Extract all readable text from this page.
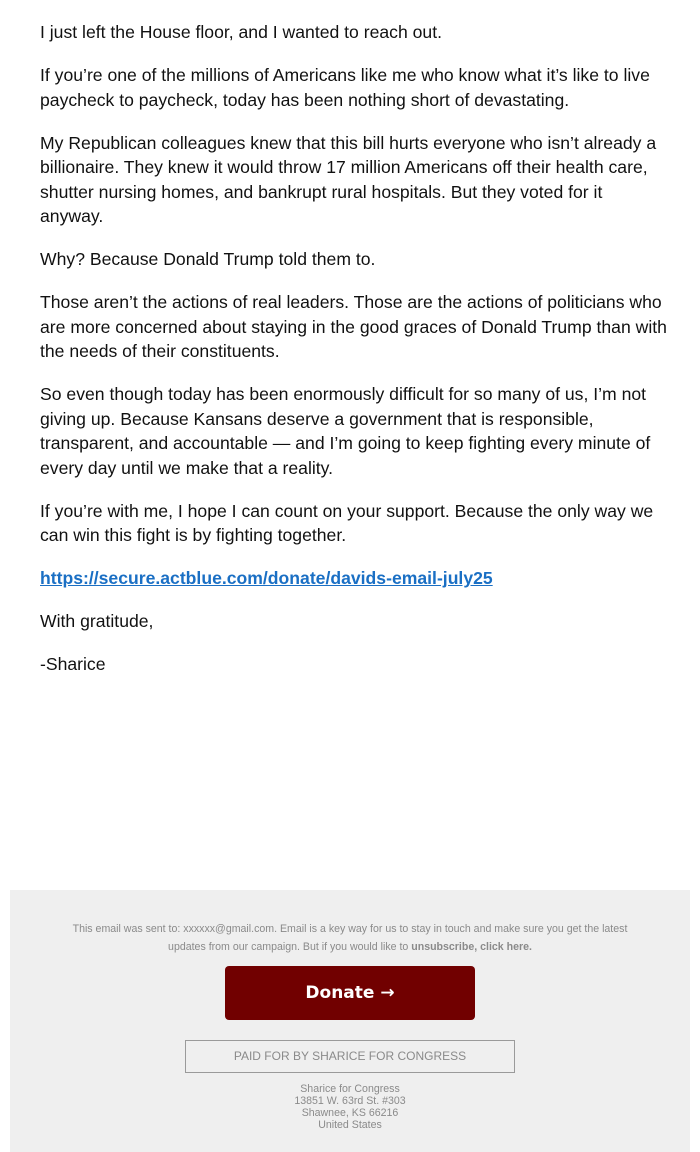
I just left the House floor, and I wanted to reach out.

If you’re one of the millions of Americans like me who know what it’s like to live paycheck to paycheck, today has been nothing short of devastating.

My Republican colleagues knew that this bill hurts everyone who isn’t already a billionaire. They knew it would throw 17 million Americans off their health care, shutter nursing homes, and bankrupt rural hospitals. But they voted for it anyway.

Why? Because Donald Trump told them to.

Those aren’t the actions of real leaders. Those are the actions of politicians who are more concerned about staying in the good graces of Donald Trump than with the needs of their constituents.

So even though today has been enormously difficult for so many of us, I’m not giving up. Because Kansans deserve a government that is responsible, transparent, and accountable — and I’m going to keep fighting every minute of every day until we make that a reality.

If you’re with me, I hope I can count on your support. Because the only way we can win this fight is by fighting together.

https://secure.actblue.com/donate/davids-email-july25

With gratitude,

-Sharice

This email was sent to: xxxxxx@gmail.com. Email is a key way for us to stay in touch and make sure you get the latest updates from our campaign. But if you would like to unsubscribe, click here.
Donate →
PAID FOR BY SHARICE FOR CONGRESS
Sharice for Congress
13851 W. 63rd St. #303
Shawnee, KS 66216
United States
